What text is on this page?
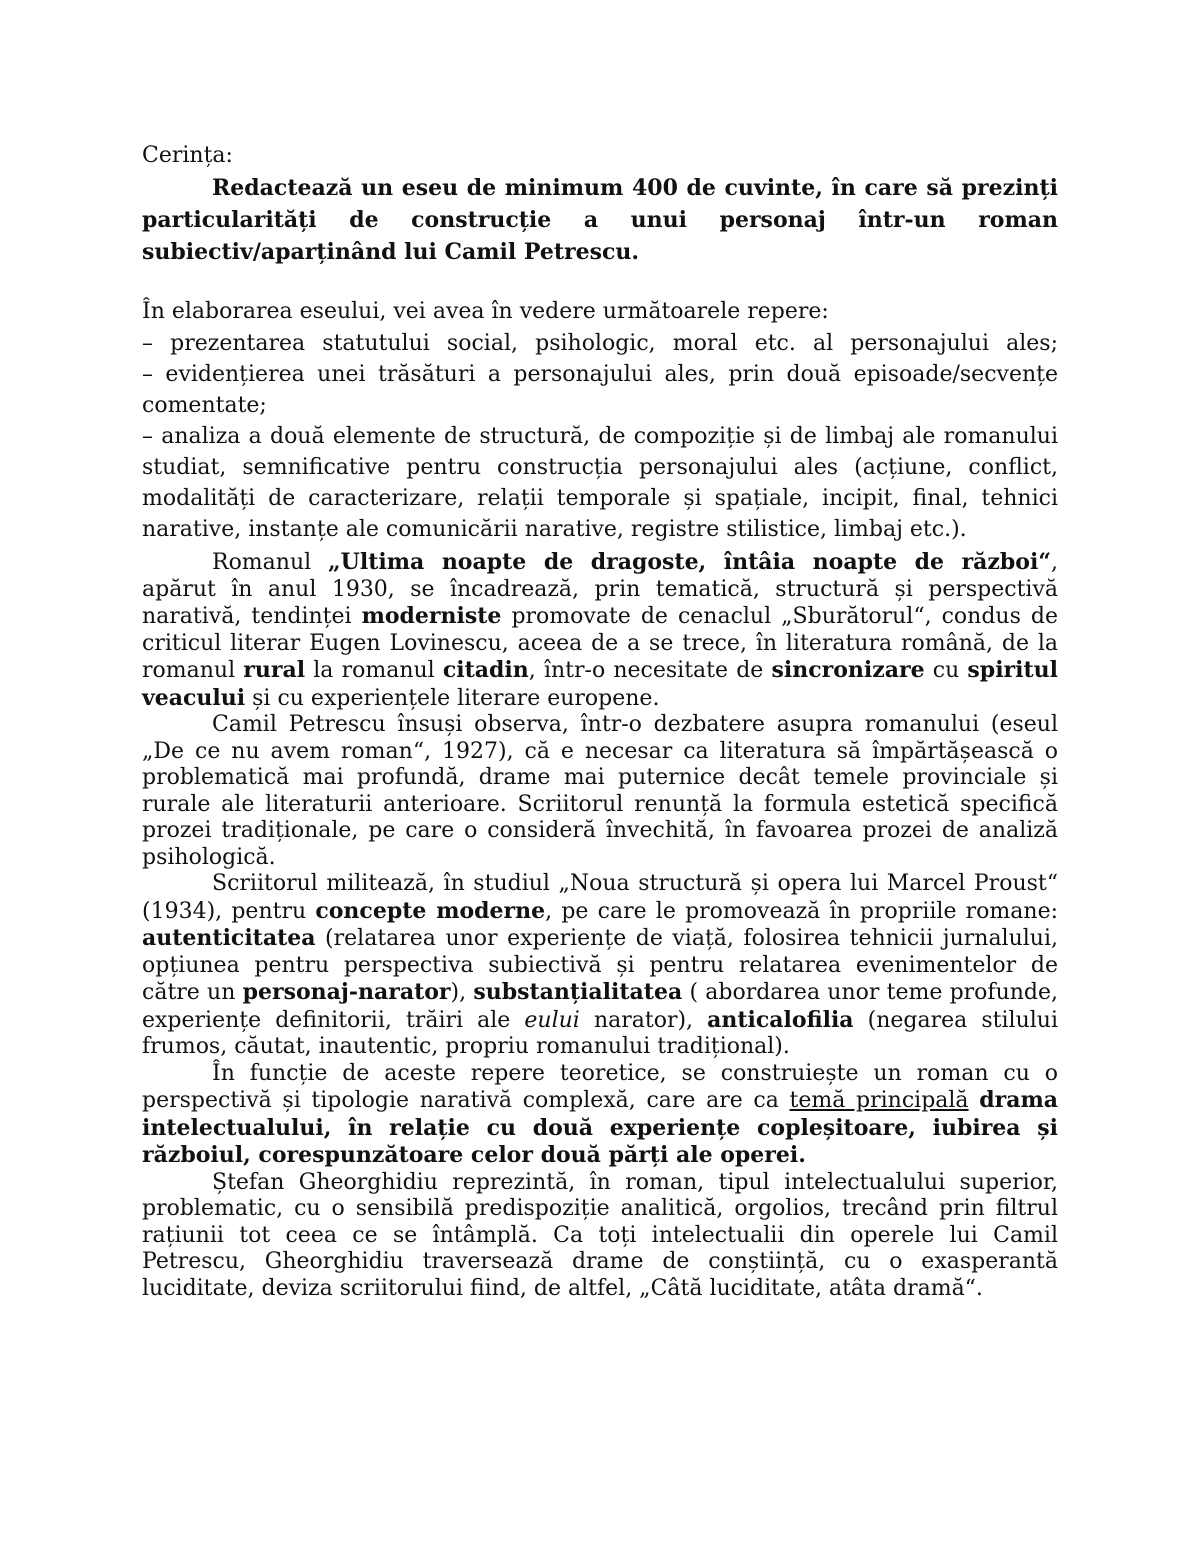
Cerința:

Redactează un eseu de minimum 400 de cuvinte, în care să prezinți particularități de construcție a unui personaj într-un roman subiectiv/aparținând lui Camil Petrescu.

În elaborarea eseului, vei avea în vedere următoarele repere:

– prezentarea statutului social, psihologic, moral etc. al personajului ales;
– evidențierea unei trăsături a personajului ales, prin două episoade/secvențe comentate;
– analiza a două elemente de structură, de compoziție și de limbaj ale romanului studiat, semnificative pentru construcția personajului ales (acțiune, conflict, modalități de caracterizare, relații temporale și spațiale, incipit, final, tehnici narative, instanțe ale comunicării narative, registre stilistice, limbaj etc.).

Romanul „Ultima noapte de dragoste, întâia noapte de război“, apărut în anul 1930, se încadrează, prin tematică, structură și perspectivă narativă, tendinței moderniste promovate de cenaclul „Sburătorul“, condus de criticul literar Eugen Lovinescu, aceea de a se trece, în literatura română, de la romanul rural la romanul citadin, într-o necesitate de sincronizare cu spiritul veacului și cu experiențele literare europene.

Camil Petrescu însuși observa, într-o dezbatere asupra romanului (eseul „De ce nu avem roman“, 1927), că e necesar ca literatura să împărtășească o problematică mai profundă, drame mai puternice decât temele provinciale și rurale ale literaturii anterioare. Scriitorul renunță la formula estetică specifică prozei tradiționale, pe care o consideră învechită, în favoarea prozei de analiză psihologică.

Scriitorul militează, în studiul „Noua structură și opera lui Marcel Proust“ (1934), pentru concepte moderne, pe care le promovează în propriile romane: autenticitatea (relatarea unor experiențe de viață, folosirea tehnicii jurnalului, opțiunea pentru perspectiva subiectivă și pentru relatarea evenimentelor de către un personaj-narator), substanțialitatea ( abordarea unor teme profunde, experiențe definitorii, trăiri ale eului narator), anticalofilia (negarea stilului frumos, căutat, inautentic, propriu romanului tradițional).

În funcție de aceste repere teoretice, se construiește un roman cu o perspectivă și tipologie narativă complexă, care are ca temă principală drama intelectualului, în relație cu două experiențe copleșitoare, iubirea și războiul, corespunzătoare celor două părți ale operei.

Ștefan Gheorghidiu reprezintă, în roman, tipul intelectualului superior, problematic, cu o sensibilă predispoziție analitică, orgolios, trecând prin filtrul rațiunii tot ceea ce se întâmplă. Ca toți intelectualii din operele lui Camil Petrescu, Gheorghidiu traversează drame de conștiință, cu o exasperantă luciditate, deviza scriitorului fiind, de altfel, „Câtă luciditate, atâta dramă“.
